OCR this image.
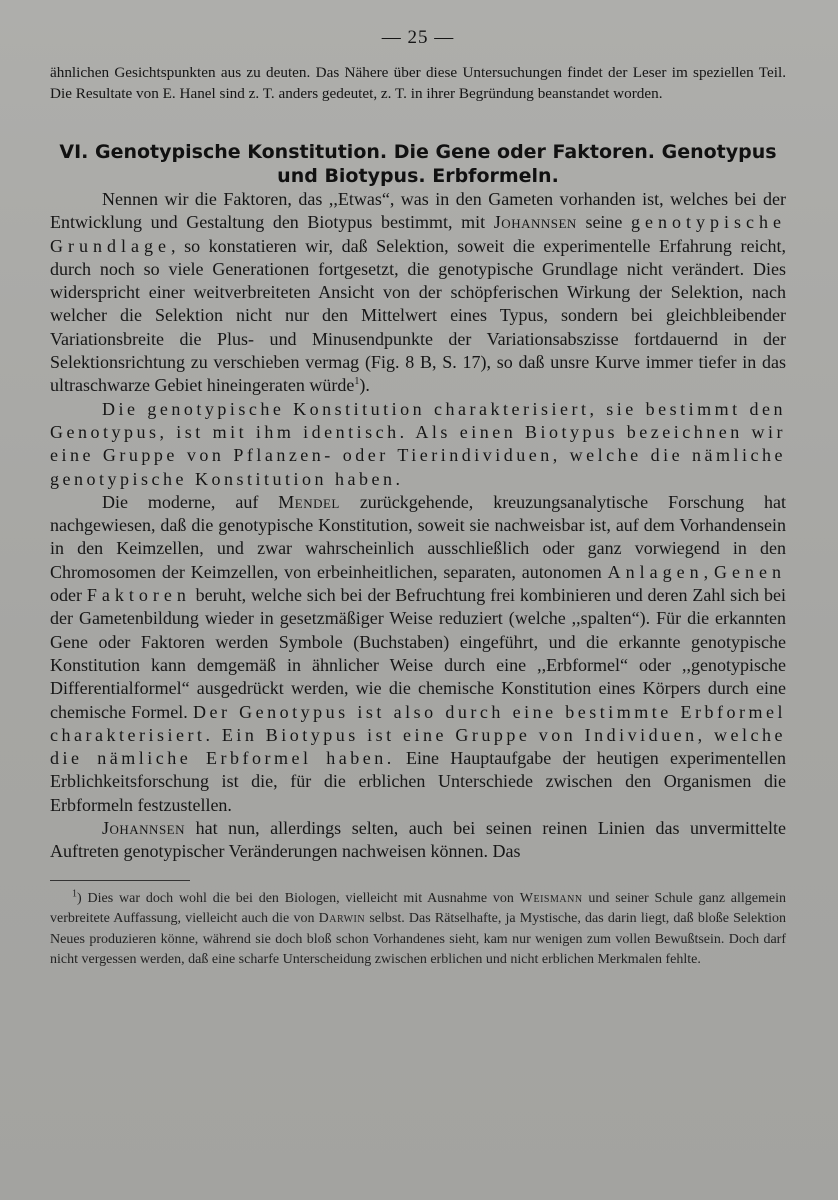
— 25 —

ähnlichen Gesichtspunkten aus zu deuten. Das Nähere über diese Untersuchungen findet der Leser im speziellen Teil. Die Resultate von E. Hanel sind z. T. anders gedeutet, z. T. in ihrer Begründung beanstandet worden.

VI. Genotypische Konstitution. Die Gene oder Faktoren. Genotypus
und Biotypus. Erbformeln.

Nennen wir die Faktoren, das ,,Etwas“, was in den Gameten vorhanden ist, welches bei der Entwicklung und Gestaltung den Biotypus bestimmt, mit Johannsen seine genotypische Grundlage, so konstatieren wir, daß Selektion, soweit die experimentelle Erfahrung reicht, durch noch so viele Generationen fortgesetzt, die genotypische Grundlage nicht verändert. Dies widerspricht einer weitverbreiteten Ansicht von der schöpferischen Wirkung der Selektion, nach welcher die Selektion nicht nur den Mittelwert eines Typus, sondern bei gleichbleibender Variationsbreite die Plus- und Minusendpunkte der Variationsabszisse fortdauernd in der Selektionsrichtung zu verschieben vermag (Fig. 8 B, S. 17), so daß unsre Kurve immer tiefer in das ultraschwarze Gebiet hineingeraten würde$^1$).

Die genotypische Konstitution charakterisiert, sie bestimmt den Genotypus, ist mit ihm identisch. Als einen Biotypus bezeichnen wir eine Gruppe von Pflanzen- oder Tierindividuen, welche die nämliche genotypische Konstitution haben.

Die moderne, auf Mendel zurückgehende, kreuzungsanalytische Forschung hat nachgewiesen, daß die genotypische Konstitution, soweit sie nachweisbar ist, auf dem Vorhandensein in den Keimzellen, und zwar wahrscheinlich ausschließlich oder ganz vorwiegend in den Chromosomen der Keimzellen, von erbeinheitlichen, separaten, autonomen Anlagen, Genen oder Faktoren beruht, welche sich bei der Befruchtung frei kombinieren und deren Zahl sich bei der Gametenbildung wieder in gesetzmäßiger Weise reduziert (welche ,,spalten“). Für die erkannten Gene oder Faktoren werden Symbole (Buchstaben) eingeführt, und die erkannte genotypische Konstitution kann demgemäß in ähnlicher Weise durch eine ,,Erbformel“ oder ,,genotypische Differentialformel“ ausgedrückt werden, wie die chemische Konstitution eines Körpers durch eine chemische Formel. Der Genotypus ist also durch eine bestimmte Erbformel charakterisiert. Ein Biotypus ist eine Gruppe von Individuen, welche die nämliche Erbformel haben. Eine Hauptaufgabe der heutigen experimentellen Erblichkeitsforschung ist die, für die erblichen Unterschiede zwischen den Organismen die Erbformeln festzustellen.

Johannsen hat nun, allerdings selten, auch bei seinen reinen Linien das unvermittelte Auftreten genotypischer Veränderungen nachweisen können. Das

$^1$) Dies war doch wohl die bei den Biologen, vielleicht mit Ausnahme von Weismann und seiner Schule ganz allgemein verbreitete Auffassung, vielleicht auch die von Darwin selbst. Das Rätselhafte, ja Mystische, das darin liegt, daß bloße Selektion Neues produzieren könne, während sie doch bloß schon Vorhandenes sieht, kam nur wenigen zum vollen Bewußtsein. Doch darf nicht vergessen werden, daß eine scharfe Unterscheidung zwischen erblichen und nicht erblichen Merkmalen fehlte.
